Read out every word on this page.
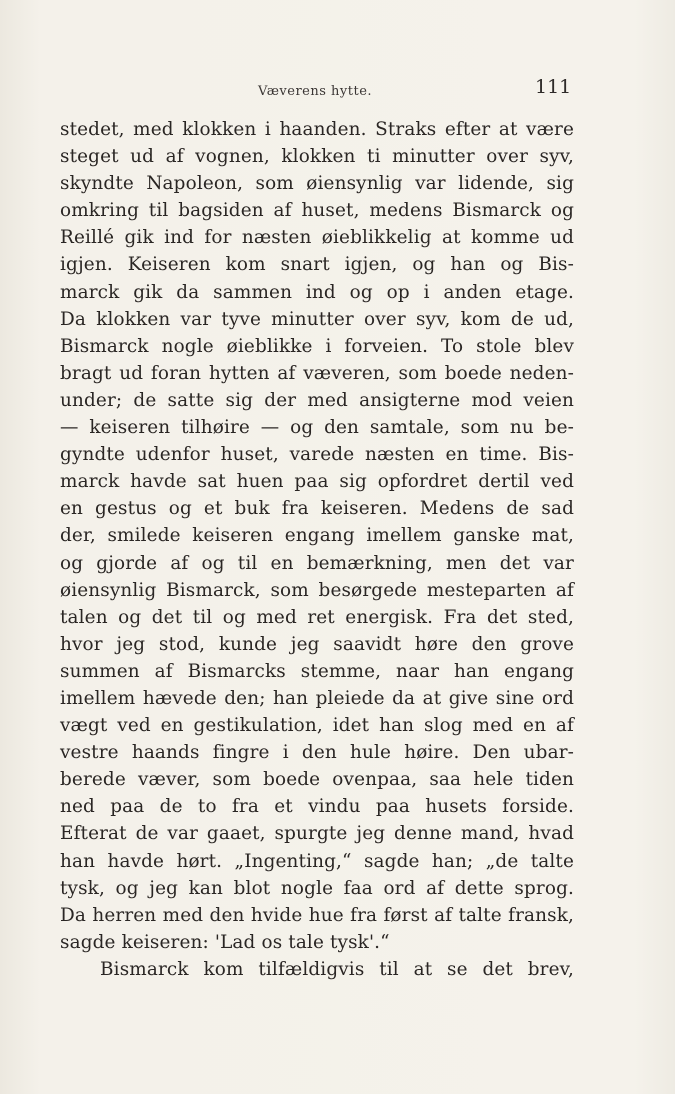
Væverens hytte.	111
stedet, med klokken i haanden. Straks efter at være
steget ud af vognen, klokken ti minutter over syv,
skyndte Napoleon, som øiensynlig var lidende, sig
omkring til bagsiden af huset, medens Bismarck og
Reillé gik ind for næsten øieblikkelig at komme ud
igjen. Keiseren kom snart igjen, og han og Bis-
marck gik da sammen ind og op i anden etage.
Da klokken var tyve minutter over syv, kom de ud,
Bismarck nogle øieblikke i forveien. To stole blev
bragt ud foran hytten af væveren, som boede neden-
under; de satte sig der med ansigterne mod veien
— keiseren tilhøire — og den samtale, som nu be-
gyndte udenfor huset, varede næsten en time. Bis-
marck havde sat huen paa sig opfordret dertil ved
en gestus og et buk fra keiseren. Medens de sad
der, smilede keiseren engang imellem ganske mat,
og gjorde af og til en bemærkning, men det var
øiensynlig Bismarck, som besørgede mesteparten af
talen og det til og med ret energisk. Fra det sted,
hvor jeg stod, kunde jeg saavidt høre den grove
summen af Bismarcks stemme, naar han engang
imellem hævede den; han pleiede da at give sine ord
vægt ved en gestikulation, idet han slog med en af
vestre haands fingre i den hule høire. Den ubar-
berede væver, som boede ovenpaa, saa hele tiden
ned paa de to fra et vindu paa husets forside.
Efterat de var gaaet, spurgte jeg denne mand, hvad
han havde hørt. „Ingenting,“ sagde han; „de talte
tysk, og jeg kan blot nogle faa ord af dette sprog.
Da herren med den hvide hue fra først af talte fransk,
sagde keiseren: 'Lad os tale tysk'.“
Bismarck kom tilfældigvis til at se det brev,
